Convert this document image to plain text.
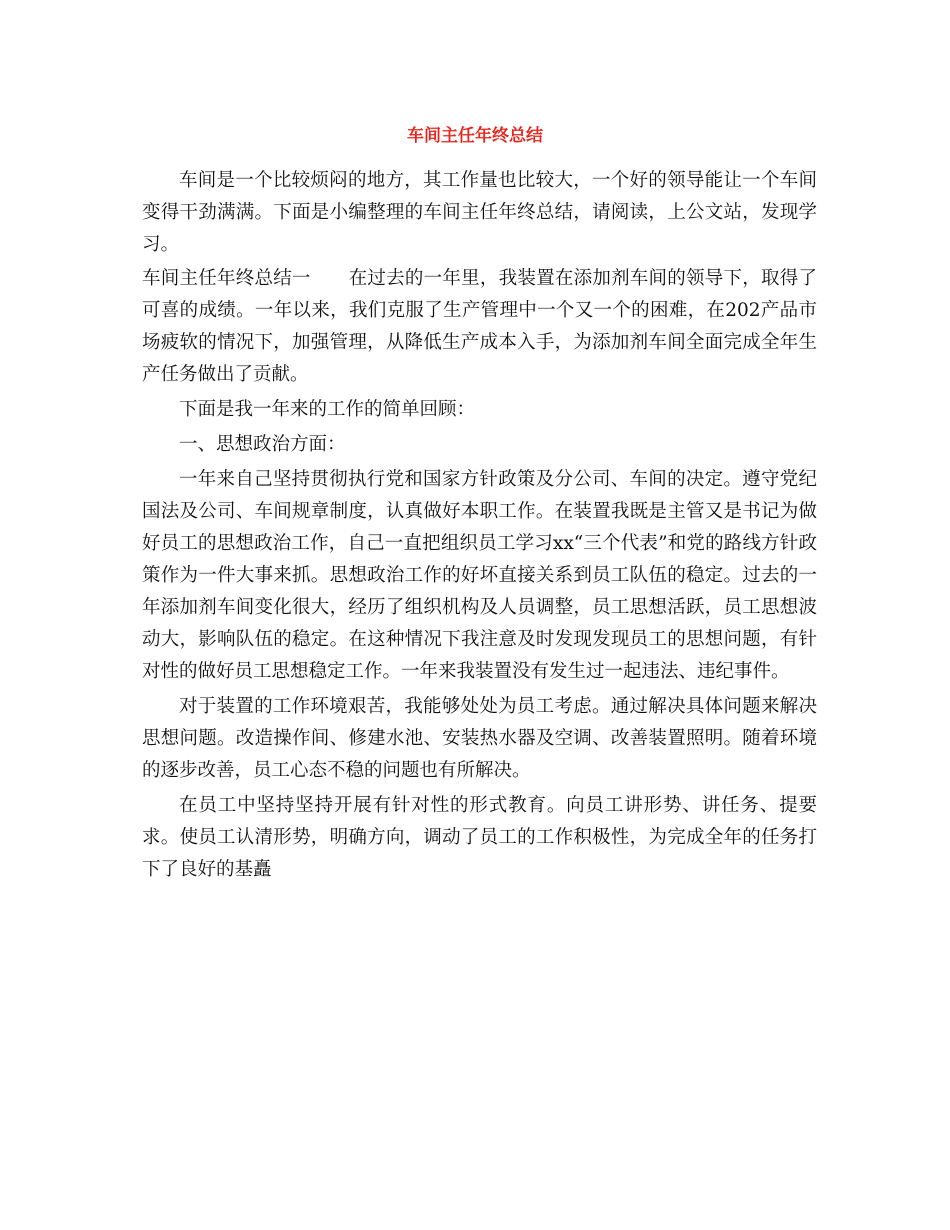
车间主任年终总结

车间是一个比较烦闷的地方，其工作量也比较大，一个好的领导能让一个车间变得干劲满满。下面是小编整理的车间主任年终总结，请阅读，上公文站，发现学习。

车间主任年终总结一 在过去的一年里，我装置在添加剂车间的领导下，取得了可喜的成绩。一年以来，我们克服了生产管理中一个又一个的困难，在202产品市场疲软的情况下，加强管理，从降低生产成本入手，为添加剂车间全面完成全年生产任务做出了贡献。

下面是我一年来的工作的简单回顾：

一、思想政治方面：

一年来自己坚持贯彻执行党和国家方针政策及分公司、车间的决定。遵守党纪国法及公司、车间规章制度，认真做好本职工作。在装置我既是主管又是书记为做好员工的思想政治工作，自己一直把组织员工学习xx“三个代表”和党的路线方针政策作为一件大事来抓。思想政治工作的好坏直接关系到员工队伍的稳定。过去的一年添加剂车间变化很大，经历了组织机构及人员调整，员工思想活跃，员工思想波动大，影响队伍的稳定。在这种情况下我注意及时发现发现员工的思想问题，有针对性的做好员工思想稳定工作。一年来我装置没有发生过一起违法、违纪事件。

对于装置的工作环境艰苦，我能够处处为员工考虑。通过解决具体问题来解决思想问题。改造操作间、修建水池、安装热水器及空调、改善装置照明。随着环境的逐步改善，员工心态不稳的问题也有所解决。

在员工中坚持坚持开展有针对性的形式教育。向员工讲形势、讲任务、提要求。使员工认清形势，明确方向，调动了员工的工作积极性，为完成全年的任务打下了良好的基矗
